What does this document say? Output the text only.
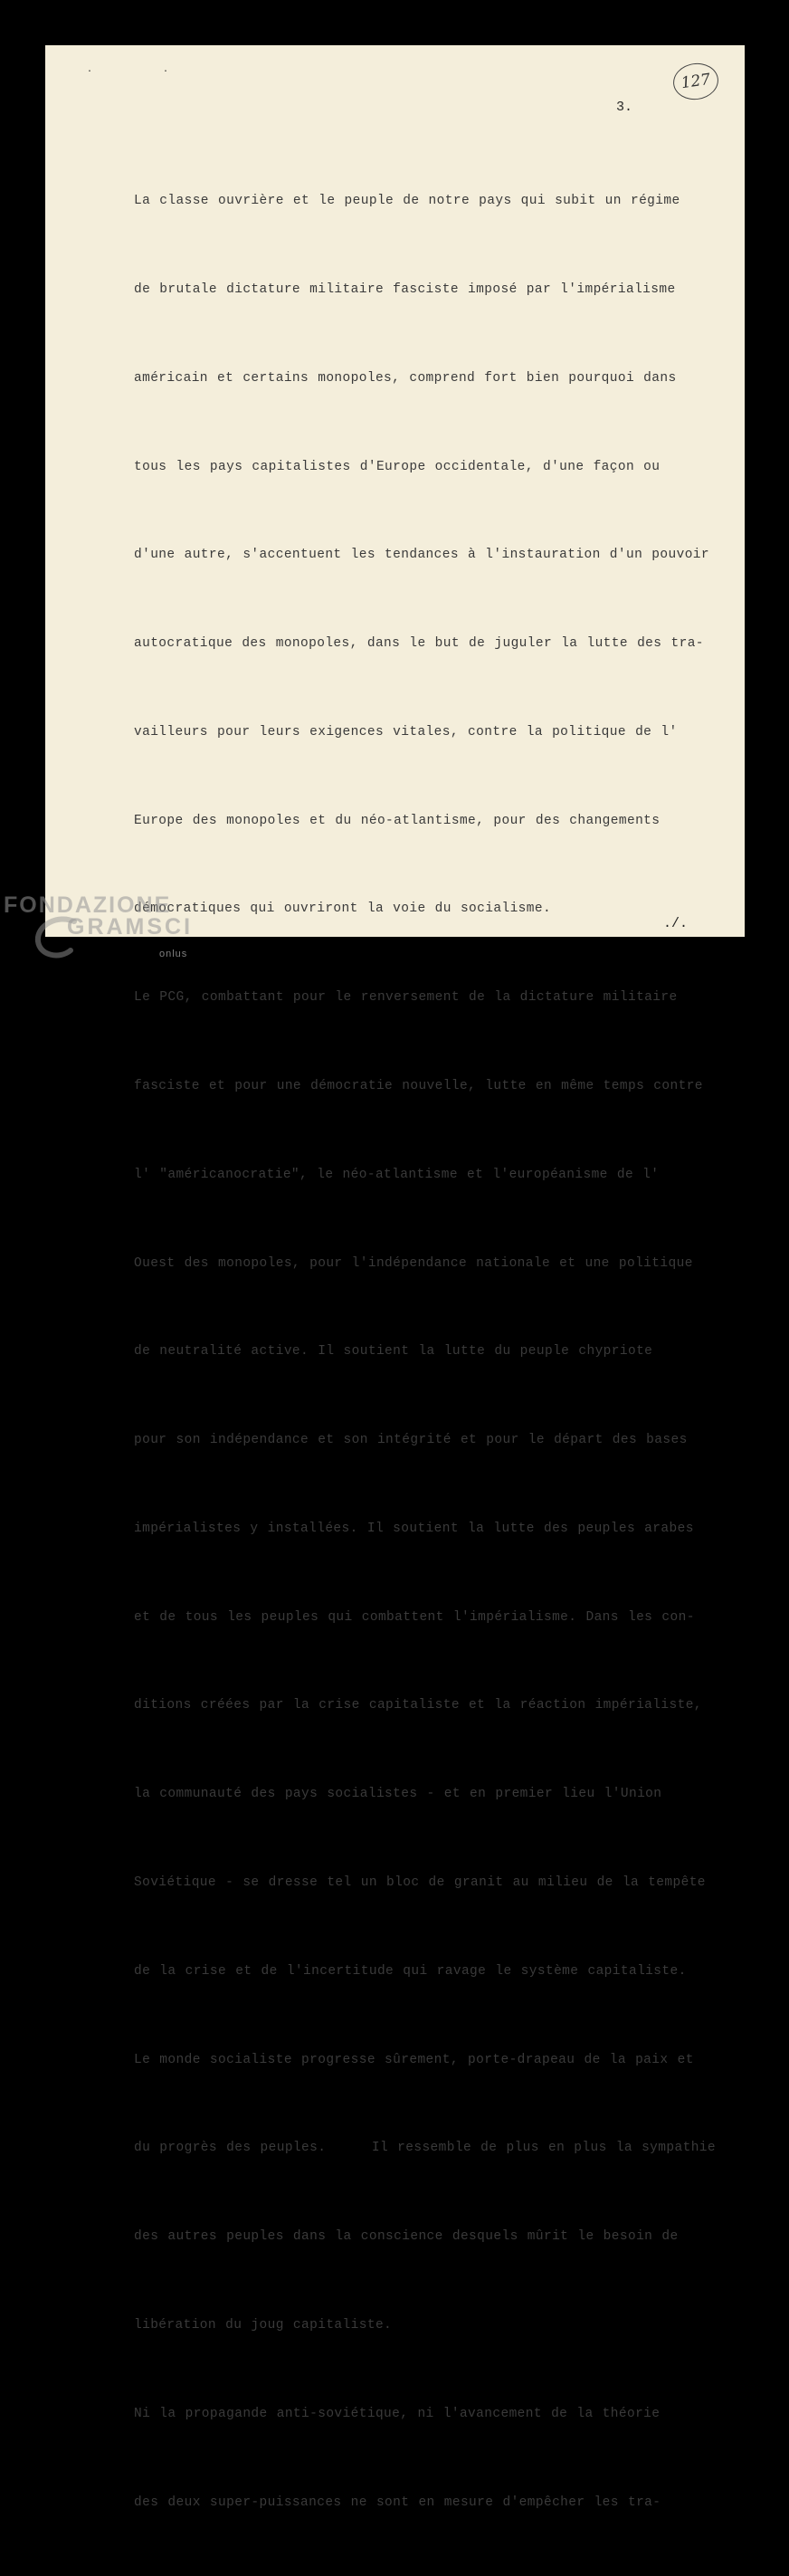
. .
127
3.

La classe ouvrière et le peuple de notre pays qui subit un régime

de brutale dictature militaire fasciste imposé par l'impérialisme

américain et certains monopoles, comprend fort bien pourquoi dans

tous les pays capitalistes d'Europe occidentale, d'une façon ou

d'une autre, s'accentuent les tendances à l'instauration d'un pouvoir

autocratique des monopoles, dans le but de juguler la lutte des tra-

vailleurs pour leurs exigences vitales, contre la politique de l'

Europe des monopoles et du néo-atlantisme, pour des changements

démocratiques qui ouvriront la voie du socialisme.

Le PCG, combattant pour le renversement de la dictature militaire

fasciste et pour une démocratie nouvelle, lutte en même temps contre

l' "américanocratie", le néo-atlantisme et l'européanisme de l'

Ouest des monopoles, pour l'indépendance nationale et une politique

de neutralité active. Il soutient la lutte du peuple chypriote

pour son indépendance et son intégrité et pour le départ des bases

impérialistes y installées. Il soutient la lutte des peuples arabes

et de tous les peuples qui combattent l'impérialisme. Dans les con-

ditions créées par la crise capitaliste et la réaction impérialiste,

la communauté des pays socialistes - et en premier lieu l'Union

Soviétique - se dresse tel un bloc de granit au milieu de la tempête

de la crise et de l'incertitude qui ravage le système capitaliste.

Le monde socialiste progresse sûrement, porte-drapeau de la paix et

du progrès des peuples.     Il ressemble de plus en plus la sympathie

des autres peuples dans la conscience desquels mûrit le besoin de

libération du joug capitaliste.

Ni la propagande anti-soviétique, ni l'avancement de la théorie

des deux super-puissances ne sont en mesure d'empêcher les tra-

./.
FONDAZIONE
GRAMSCI
onlus
